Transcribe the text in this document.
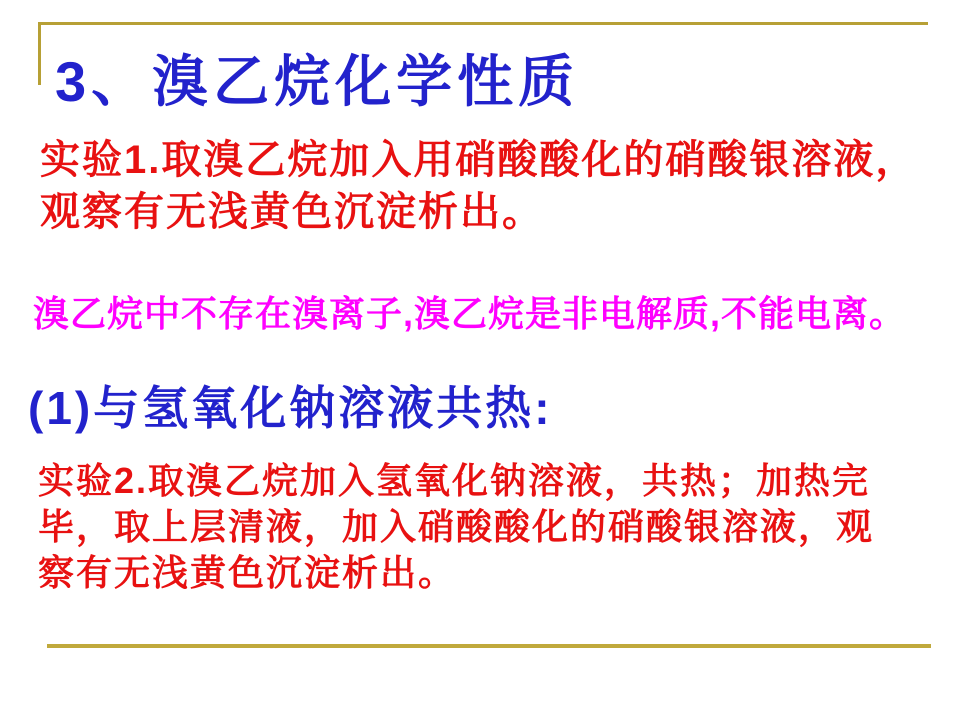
3、溴乙烷化学性质
实验1.取溴乙烷加入用硝酸酸化的硝酸银溶液，
观察有无浅黄色沉淀析出。
溴乙烷中不存在溴离子,溴乙烷是非电解质,不能电离。
(1)与氢氧化钠溶液共热:
实验2.取溴乙烷加入氢氧化钠溶液，共热；加热完
毕，取上层清液，加入硝酸酸化的硝酸银溶液，观
察有无浅黄色沉淀析出。
